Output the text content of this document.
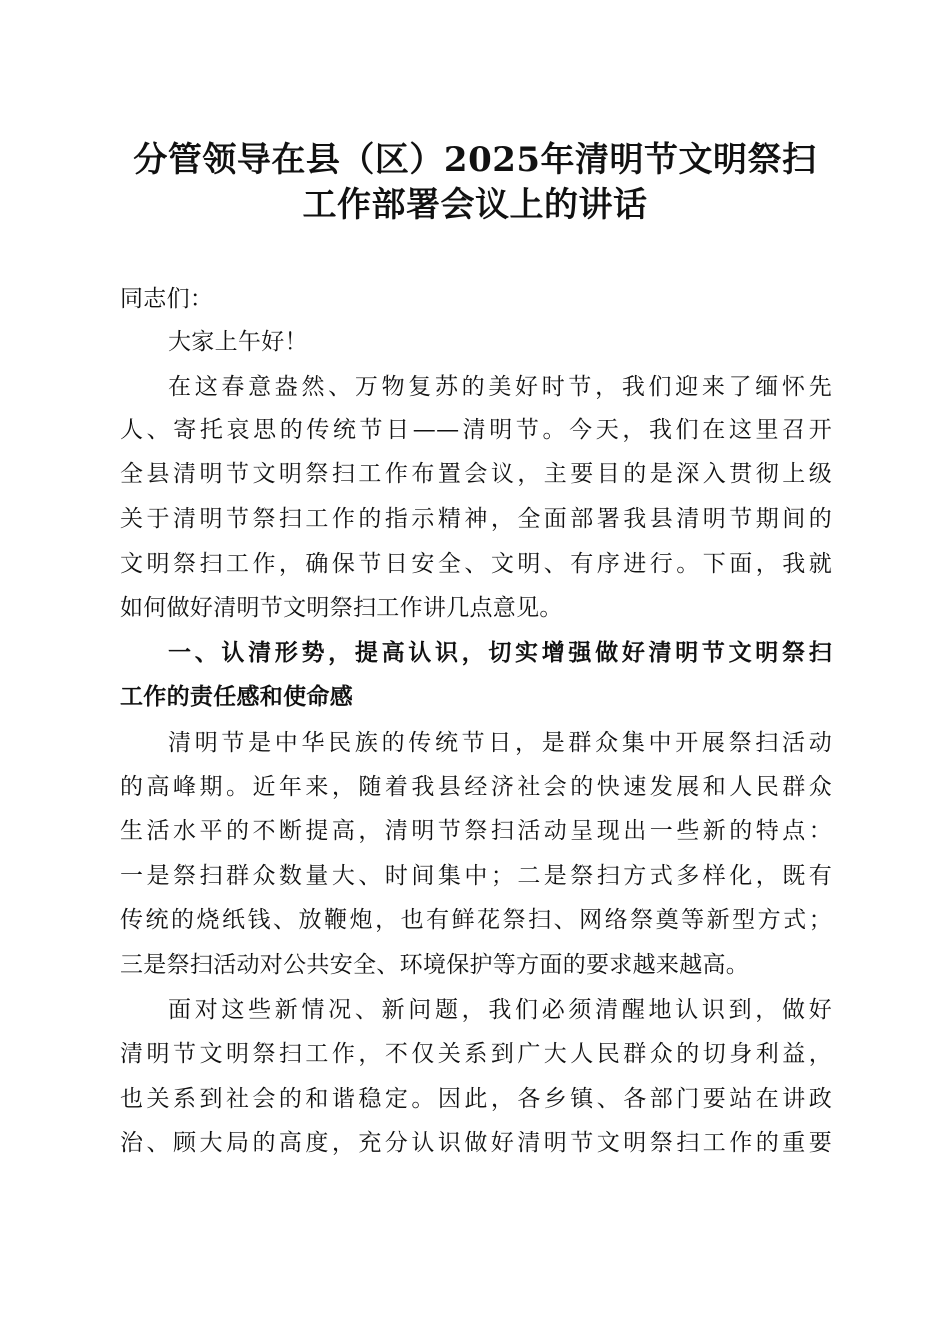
分管领导在县（区）2025年清明节文明祭扫
工作部署会议上的讲话

同志们：

大家上午好！

在这春意盎然、万物复苏的美好时节，我们迎来了缅怀先

人、寄托哀思的传统节日——清明节。今天，我们在这里召开

全县清明节文明祭扫工作布置会议，主要目的是深入贯彻上级

关于清明节祭扫工作的指示精神，全面部署我县清明节期间的

文明祭扫工作，确保节日安全、文明、有序进行。下面，我就

如何做好清明节文明祭扫工作讲几点意见。

一、认清形势，提高认识，切实增强做好清明节文明祭扫

工作的责任感和使命感

清明节是中华民族的传统节日，是群众集中开展祭扫活动

的高峰期。近年来，随着我县经济社会的快速发展和人民群众

生活水平的不断提高，清明节祭扫活动呈现出一些新的特点：

一是祭扫群众数量大、时间集中；二是祭扫方式多样化，既有

传统的烧纸钱、放鞭炮，也有鲜花祭扫、网络祭奠等新型方式；

三是祭扫活动对公共安全、环境保护等方面的要求越来越高。

面对这些新情况、新问题，我们必须清醒地认识到，做好

清明节文明祭扫工作，不仅关系到广大人民群众的切身利益，

也关系到社会的和谐稳定。因此，各乡镇、各部门要站在讲政

治、顾大局的高度，充分认识做好清明节文明祭扫工作的重要
